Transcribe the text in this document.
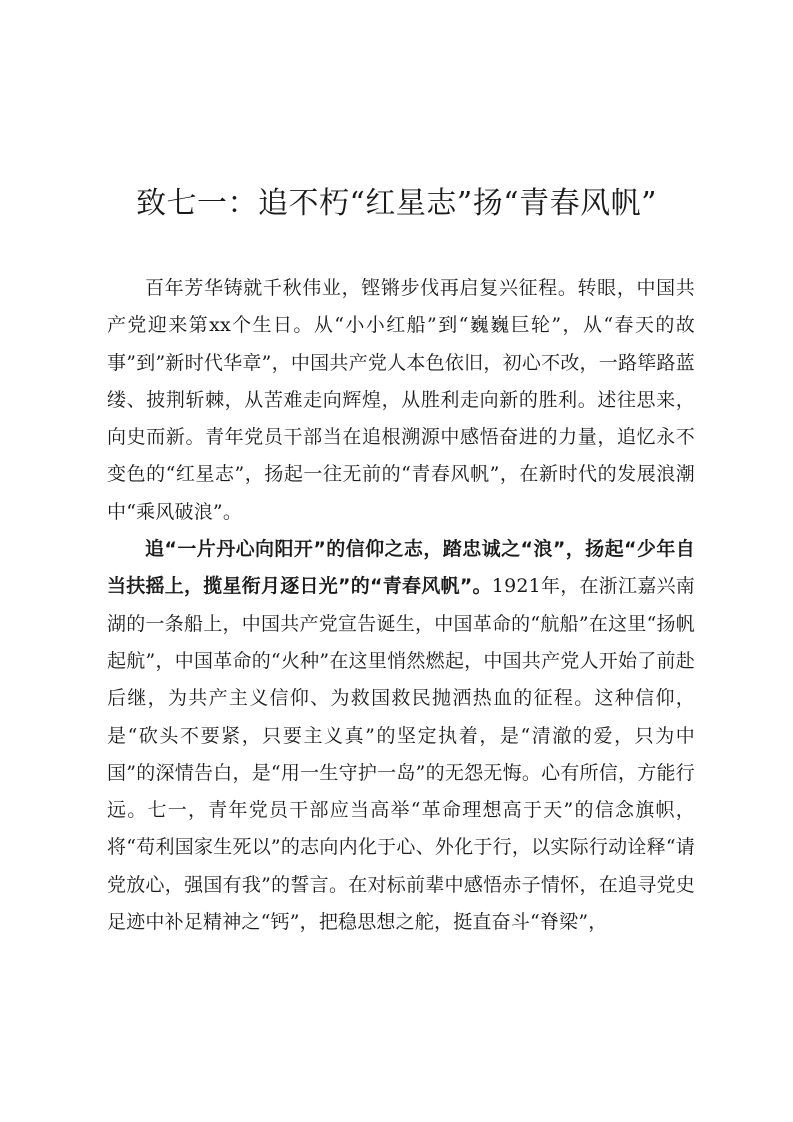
致七一：追不朽“红星志”扬“青春风帆”

百年芳华铸就千秋伟业，铿锵步伐再启复兴征程。转眼，中国共产党迎来第xx个生日。从“小小红船”到“巍巍巨轮”，从“春天的故事”到”新时代华章”，中国共产党人本色依旧，初心不改，一路筚路蓝缕、披荆斩棘，从苦难走向辉煌，从胜利走向新的胜利。述往思来，向史而新。青年党员干部当在追根溯源中感悟奋进的力量，追忆永不变色的“红星志”，扬起一往无前的“青春风帆”，在新时代的发展浪潮中“乘风破浪”。

追“一片丹心向阳开”的信仰之志，踏忠诚之“浪”，扬起“少年自当扶摇上，揽星衔月逐日光”的“青春风帆”。1921年，在浙江嘉兴南湖的一条船上，中国共产党宣告诞生，中国革命的“航船”在这里“扬帆起航”，中国革命的“火种”在这里悄然燃起，中国共产党人开始了前赴后继，为共产主义信仰、为救国救民抛洒热血的征程。这种信仰，是“砍头不要紧，只要主义真”的坚定执着，是“清澈的爱，只为中国”的深情告白，是“用一生守护一岛”的无怨无悔。心有所信，方能行远。七一，青年党员干部应当高举“革命理想高于天”的信念旗帜，将“苟利国家生死以”的志向内化于心、外化于行，以实际行动诠释“请党放心，强国有我”的誓言。在对标前辈中感悟赤子情怀，在追寻党史足迹中补足精神之“钙”，把稳思想之舵，挺直奋斗“脊梁”，
